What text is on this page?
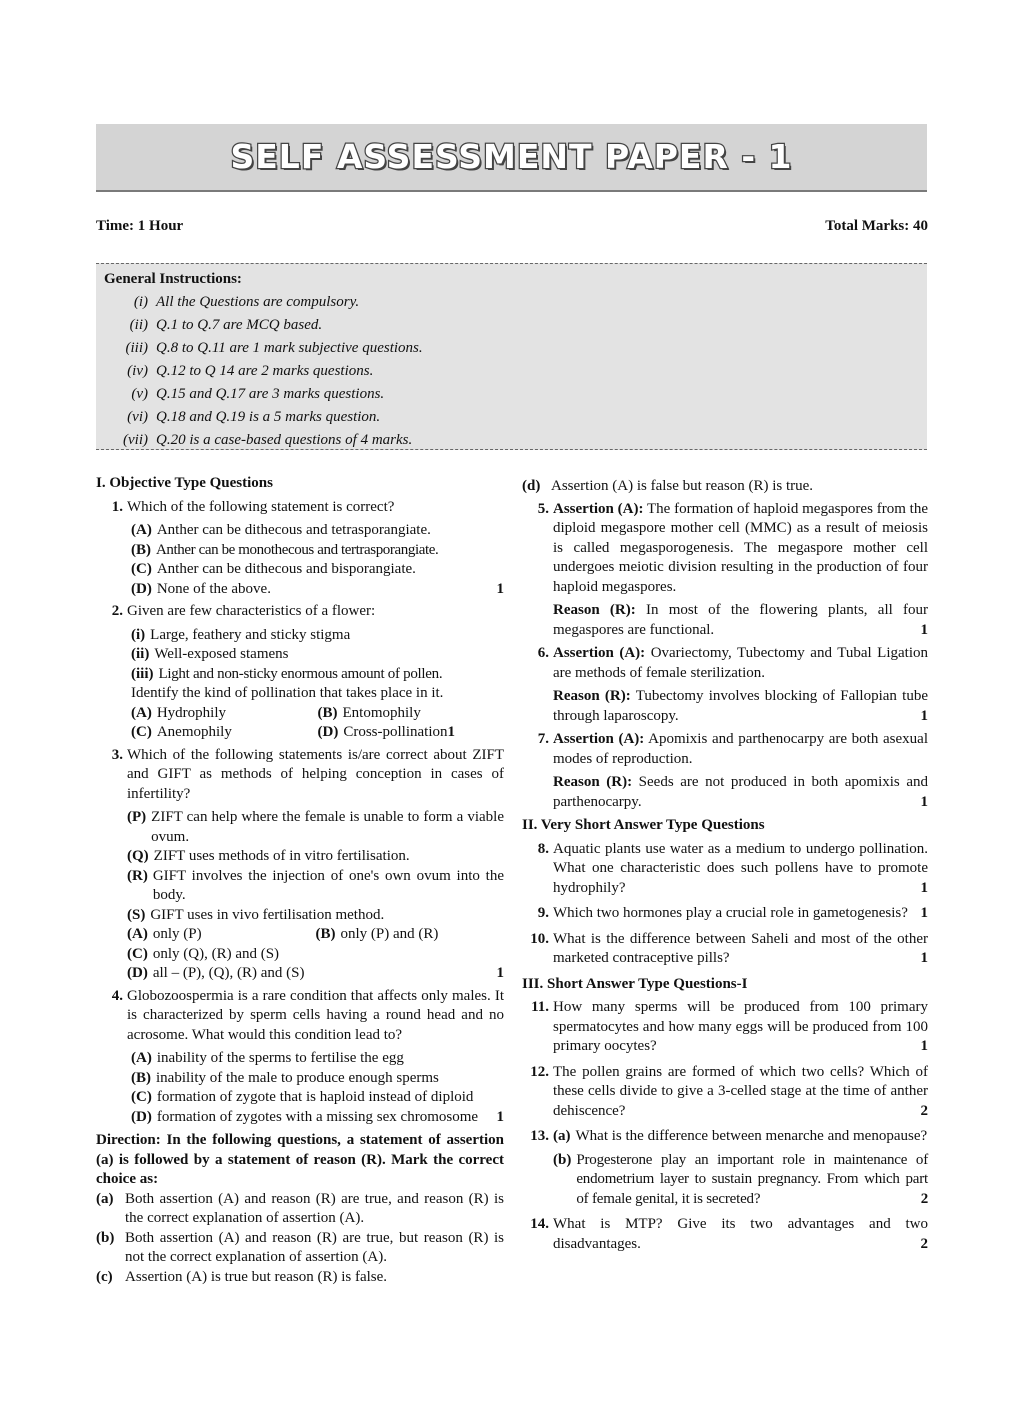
SELF ASSESSMENT PAPER - 1
Time: 1 Hour	Total Marks: 40
General Instructions:
(i) All the Questions are compulsory.
(ii) Q.1 to Q.7 are MCQ based.
(iii) Q.8 to Q.11 are 1 mark subjective questions.
(iv) Q.12 to Q 14 are 2 marks questions.
(v) Q.15 and Q.17 are 3 marks questions.
(vi) Q.18 and Q.19 is a 5 marks question.
(vii) Q.20 is a case-based questions of 4 marks.
I. Objective Type Questions
1. Which of the following statement is correct?
(A) Anther can be dithecous and tetrasporangiate.
(B) Anther can be monothecous and tertrasporangiate.
(C) Anther can be dithecous and bisporangiate.
(D) None of the above.	1
2. Given are few characteristics of a flower:
(i) Large, feathery and sticky stigma
(ii) Well-exposed stamens
(iii) Light and non-sticky enormous amount of pollen.
Identify the kind of pollination that takes place in it.
(A) Hydrophily	(B) Entomophily
(C) Anemophily	(D) Cross-pollination 1
3. Which of the following statements is/are correct about ZIFT and GIFT as methods of helping conception in cases of infertility?
(P) ZIFT can help where the female is unable to form a viable ovum.
(Q) ZIFT uses methods of in vitro fertilisation.
(R) GIFT involves the injection of one's own ovum into the body.
(S) GIFT uses in vivo fertilisation method.
(A) only (P)	(B) only (P) and (R)
(C) only (Q), (R) and (S)
(D) all – (P), (Q), (R) and (S)	1
4. Globozoospermia is a rare condition that affects only males. It is characterized by sperm cells having a round head and no acrosome. What would this condition lead to?
(A) inability of the sperms to fertilise the egg
(B) inability of the male to produce enough sperms
(C) formation of zygote that is haploid instead of diploid
(D) formation of zygotes with a missing sex chromosome 1
Direction: In the following questions, a statement of assertion (a) is followed by a statement of reason (R). Mark the correct choice as:
(a) Both assertion (A) and reason (R) are true, and reason (R) is the correct explanation of assertion (A).
(b) Both assertion (A) and reason (R) are true, but reason (R) is not the correct explanation of assertion (A).
(c) Assertion (A) is true but reason (R) is false.
(d) Assertion (A) is false but reason (R) is true.
5. Assertion (A): The formation of haploid megaspores from the diploid megaspore mother cell (MMC) as a result of meiosis is called megasporogenesis. The megaspore mother cell undergoes meiotic division resulting in the production of four haploid megaspores.
Reason (R): In most of the flowering plants, all four megaspores are functional.	1
6. Assertion (A): Ovariectomy, Tubectomy and Tubal Ligation are methods of female sterilization.
Reason (R): Tubectomy involves blocking of Fallopian tube through laparoscopy.	1
7. Assertion (A): Apomixis and parthenocarpy are both asexual modes of reproduction.
Reason (R): Seeds are not produced in both apomixis and parthenocarpy.	1
II. Very Short Answer Type Questions
8. Aquatic plants use water as a medium to undergo pollination. What one characteristic does such pollens have to promote hydrophily?	1
9. Which two hormones play a crucial role in gametogenesis? 1
10. What is the difference between Saheli and most of the other marketed contraceptive pills?	1
III. Short Answer Type Questions-I
11. How many sperms will be produced from 100 primary spermatocytes and how many eggs will be produced from 100 primary oocytes?	1
12. The pollen grains are formed of which two cells? Which of these cells divide to give a 3-celled stage at the time of anther dehiscence?	2
13. (a) What is the difference between menarche and menopause?
(b) Progesterone play an important role in maintenance of endometrium layer to sustain pregnancy. From which part of female genital, it is secreted?	2
14. What is MTP? Give its two advantages and two disadvantages.	2
